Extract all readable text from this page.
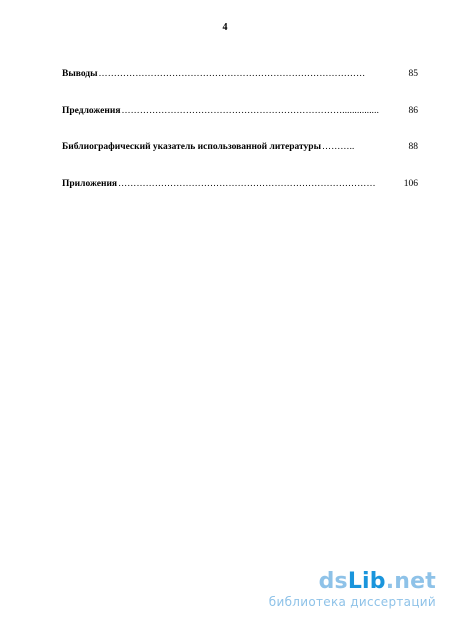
4
Выводы ……………………………………………………………………………	85
Предложения ………………………………………………………………...............	86
Библиографический указатель использованной литературы ………..	88
Приложения …………………………………………………………………………	106
dsLib.net
библиотека диссертаций
